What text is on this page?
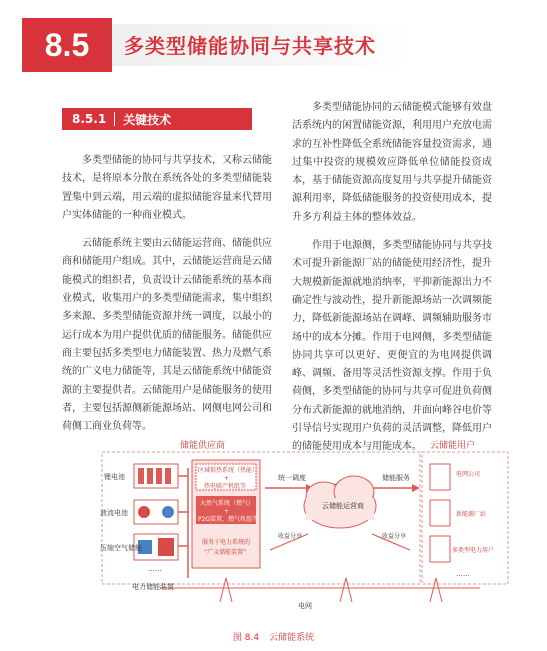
8.5	多类型储能协同与共享技术
8.5.1	关键技术

多类型储能的协同与共享技术，又称云储能技术，是将原本分散在系统各处的多类型储能装置集中到云端，用云端的虚拟储能容量来代替用户实体储能的一种商业模式。

云储能系统主要由云储能运营商、储能供应商和储能用户组成。其中，云储能运营商是云储能模式的组织者，负责设计云储能系统的基本商业模式，收集用户的多类型储能需求，集中组织多来源、多类型储能资源并统一调度，以最小的运行成本为用户提供优质的储能服务。储能供应商主要包括多类型电力储能装置、热力及燃气系统的广义电力储能等，其是云储能系统中储能资源的主要提供者。云储能用户是储能服务的使用者，主要包括源侧新能源场站、网侧电网公司和荷侧工商业负荷等。

多类型储能协同的云储能模式能够有效盘活系统内的闲置储能资源，利用用户充放电需求的互补性降低全系统储能容量投资需求，通过集中投资的规模效应降低单位储能投资成本，基于储能资源高度复用与共享提升储能资源利用率，降低储能服务的投资使用成本，提升多方利益主体的整体效益。

作用于电源侧，多类型储能协同与共享技术可提升新能源厂站的储能使用经济性，提升大规模新能源就地消纳率，平抑新能源出力不确定性与波动性，提升新能源场站一次调频能力，降低新能源场站在调峰、调频辅助服务市场中的成本分摊。作用于电网侧，多类型储能协同共享可以更好、更便宜的为电网提供调峰、调频、备用等灵活性资源支撑。作用于负荷侧，多类型储能的协同与共享可促进负荷侧分布式新能源的就地消纳，并面向峰谷电价等引导信号实现用户负荷的灵活调整，降低用户的储能使用成本与用能成本。

储能供应商	云储能用户
锂电池
液流电池
压缩空气储能
……
电力储能装置
区域供热系统（热能）
+
热电联产机组等
天然气系统（燃气）
+
P2G装置、燃气机组等
服务于电力系统的
“广义储能装置”
统一调度	储能服务
云储能运营商
收益分享	收益分享
电网公司
新能源厂站
多类型电力用户
……
电网
图 8.4 云储能系统
